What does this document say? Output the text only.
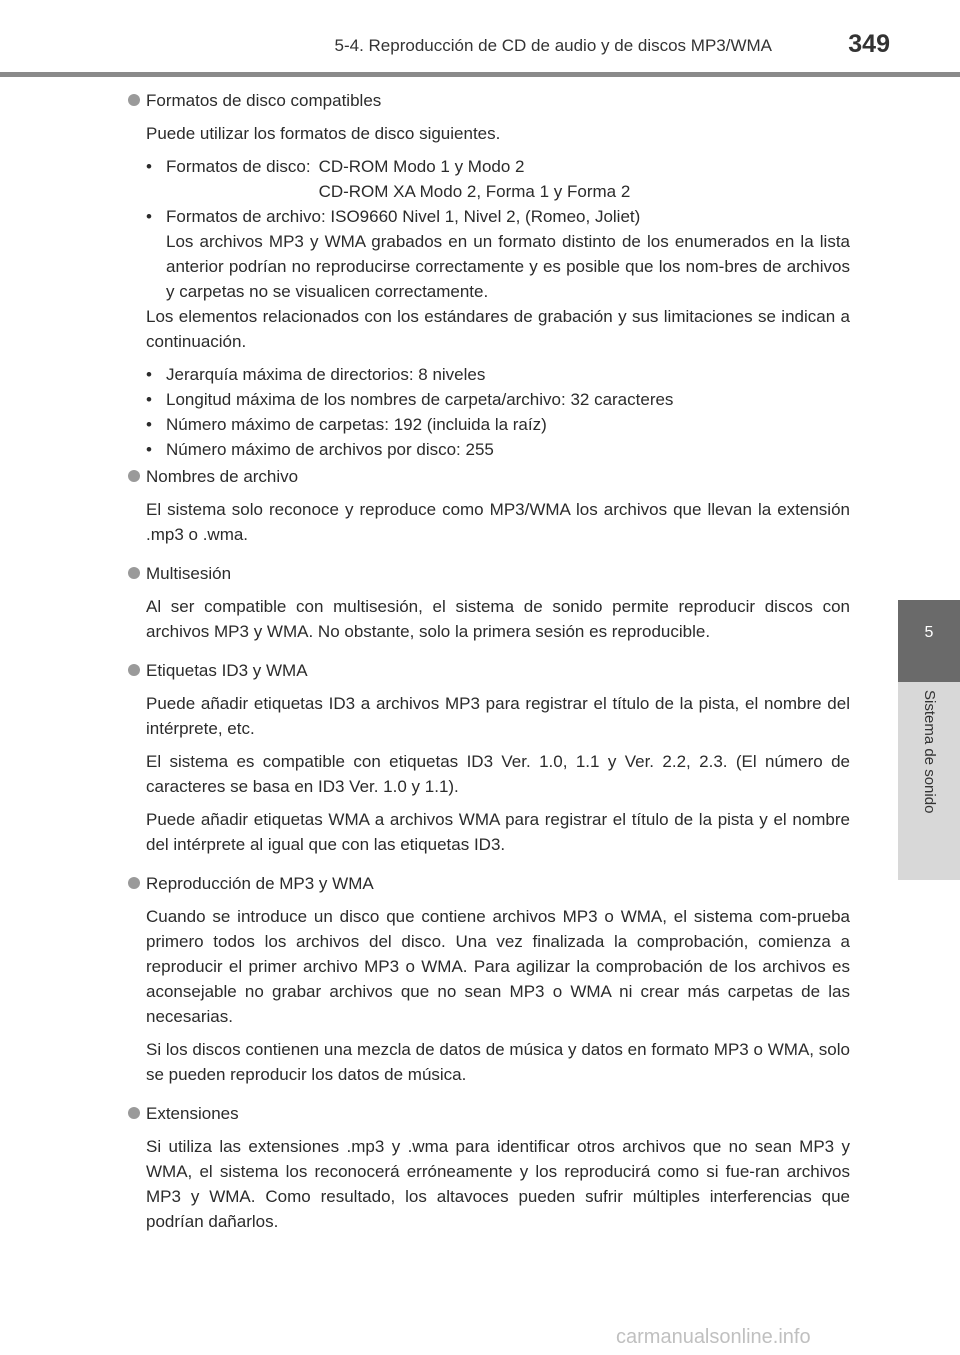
5-4. Reproducción de CD de audio y de discos MP3/WMA	349
5
Sistema de sonido
Formatos de disco compatibles
Puede utilizar los formatos de disco siguientes.
• Formatos de disco: CD-ROM Modo 1 y Modo 2
CD-ROM XA Modo 2, Forma 1 y Forma 2
• Formatos de archivo: ISO9660 Nivel 1, Nivel 2, (Romeo, Joliet)
Los archivos MP3 y WMA grabados en un formato distinto de los enumerados en la lista anterior podrían no reproducirse correctamente y es posible que los nom-bres de archivos y carpetas no se visualicen correctamente.
Los elementos relacionados con los estándares de grabación y sus limitaciones se indican a continuación.
• Jerarquía máxima de directorios: 8 niveles
• Longitud máxima de los nombres de carpeta/archivo: 32 caracteres
• Número máximo de carpetas: 192 (incluida la raíz)
• Número máximo de archivos por disco: 255
Nombres de archivo
El sistema solo reconoce y reproduce como MP3/WMA los archivos que llevan la extensión .mp3 o .wma.
Multisesión
Al ser compatible con multisesión, el sistema de sonido permite reproducir discos con archivos MP3 y WMA. No obstante, solo la primera sesión es reproducible.
Etiquetas ID3 y WMA
Puede añadir etiquetas ID3 a archivos MP3 para registrar el título de la pista, el nombre del intérprete, etc.
El sistema es compatible con etiquetas ID3 Ver. 1.0, 1.1 y Ver. 2.2, 2.3. (El número de caracteres se basa en ID3 Ver. 1.0 y 1.1).
Puede añadir etiquetas WMA a archivos WMA para registrar el título de la pista y el nombre del intérprete al igual que con las etiquetas ID3.
Reproducción de MP3 y WMA
Cuando se introduce un disco que contiene archivos MP3 o WMA, el sistema com-prueba primero todos los archivos del disco. Una vez finalizada la comprobación, comienza a reproducir el primer archivo MP3 o WMA. Para agilizar la comprobación de los archivos es aconsejable no grabar archivos que no sean MP3 o WMA ni crear más carpetas de las necesarias.
Si los discos contienen una mezcla de datos de música y datos en formato MP3 o WMA, solo se pueden reproducir los datos de música.
Extensiones
Si utiliza las extensiones .mp3 y .wma para identificar otros archivos que no sean MP3 y WMA, el sistema los reconocerá erróneamente y los reproducirá como si fue-ran archivos MP3 y WMA. Como resultado, los altavoces pueden sufrir múltiples interferencias que podrían dañarlos.
carmanualsonline.info
